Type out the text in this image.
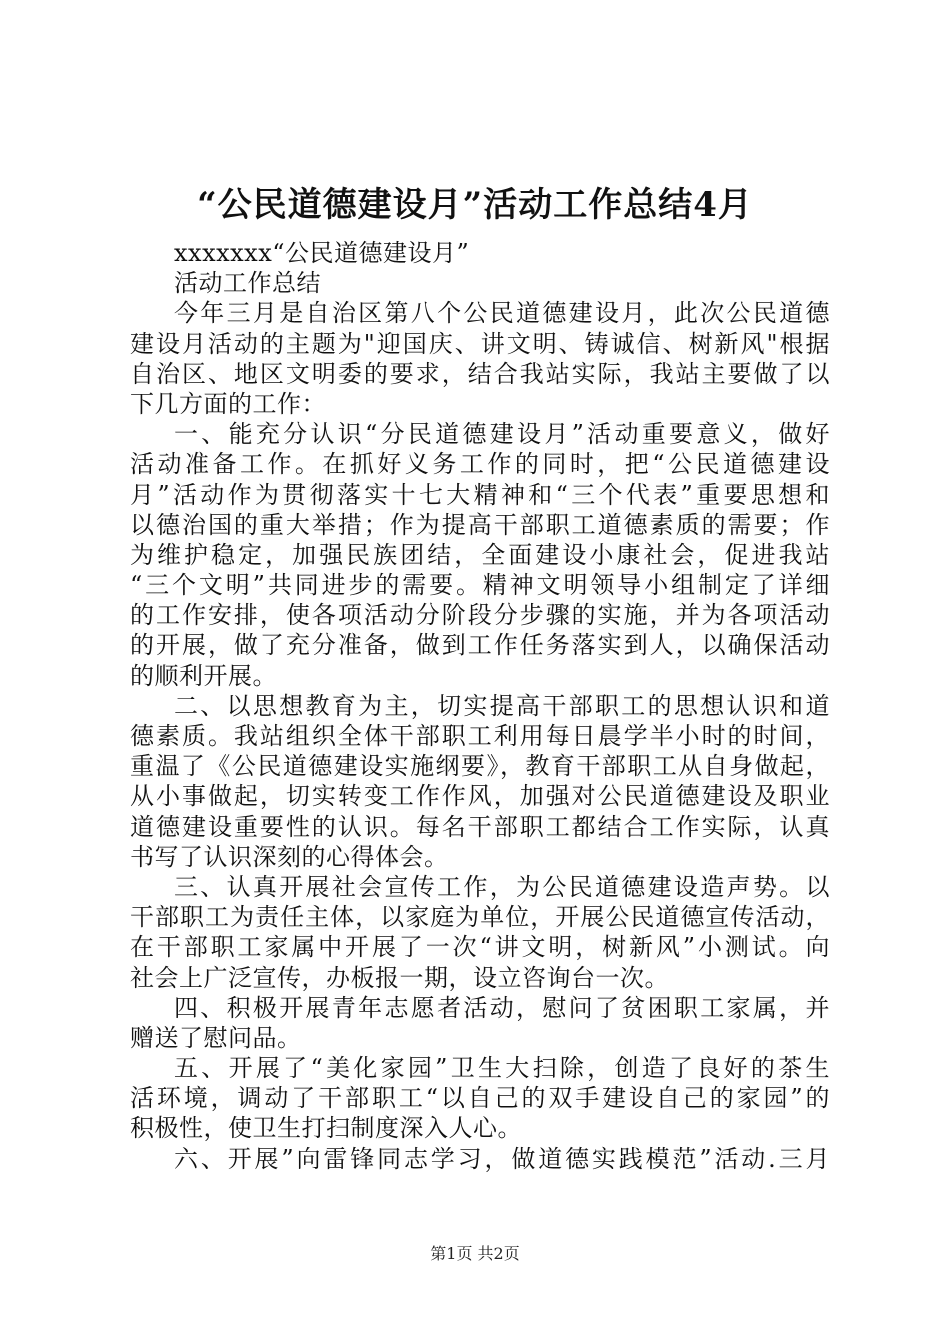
“公民道德建设月”活动工作总结4月
xxxxxxx“公民道德建设月”
活动工作总结
今年三月是自治区第八个公民道德建设月，此次公民道德
建设月活动的主题为"迎国庆、讲文明、铸诚信、树新风"根据
自治区、地区文明委的要求，结合我站实际，我站主要做了以
下几方面的工作：
一、能充分认识“分民道德建设月”活动重要意义，做好
活动准备工作。在抓好义务工作的同时，把“公民道德建设
月”活动作为贯彻落实十七大精神和“三个代表”重要思想和
以德治国的重大举措；作为提高干部职工道德素质的需要；作
为维护稳定，加强民族团结，全面建设小康社会，促进我站
“三个文明”共同进步的需要。精神文明领导小组制定了详细
的工作安排，使各项活动分阶段分步骤的实施，并为各项活动
的开展，做了充分准备，做到工作任务落实到人，以确保活动
的顺利开展。
二、以思想教育为主，切实提高干部职工的思想认识和道
德素质。我站组织全体干部职工利用每日晨学半小时的时间，
重温了《公民道德建设实施纲要》，教育干部职工从自身做起，
从小事做起，切实转变工作作风，加强对公民道德建设及职业
道德建设重要性的认识。每名干部职工都结合工作实际，认真
书写了认识深刻的心得体会。
三、认真开展社会宣传工作，为公民道德建设造声势。以
干部职工为责任主体，以家庭为单位，开展公民道德宣传活动，
在干部职工家属中开展了一次“讲文明，树新风”小测试。向
社会上广泛宣传，办板报一期，设立咨询台一次。
四、积极开展青年志愿者活动，慰问了贫困职工家属，并
赠送了慰问品。
五、开展了“美化家园”卫生大扫除，创造了良好的茶生
活环境，调动了干部职工“以自己的双手建设自己的家园”的
积极性，使卫生打扫制度深入人心。
六、开展”向雷锋同志学习，做道德实践模范”活动.三月
第1页 共2页
